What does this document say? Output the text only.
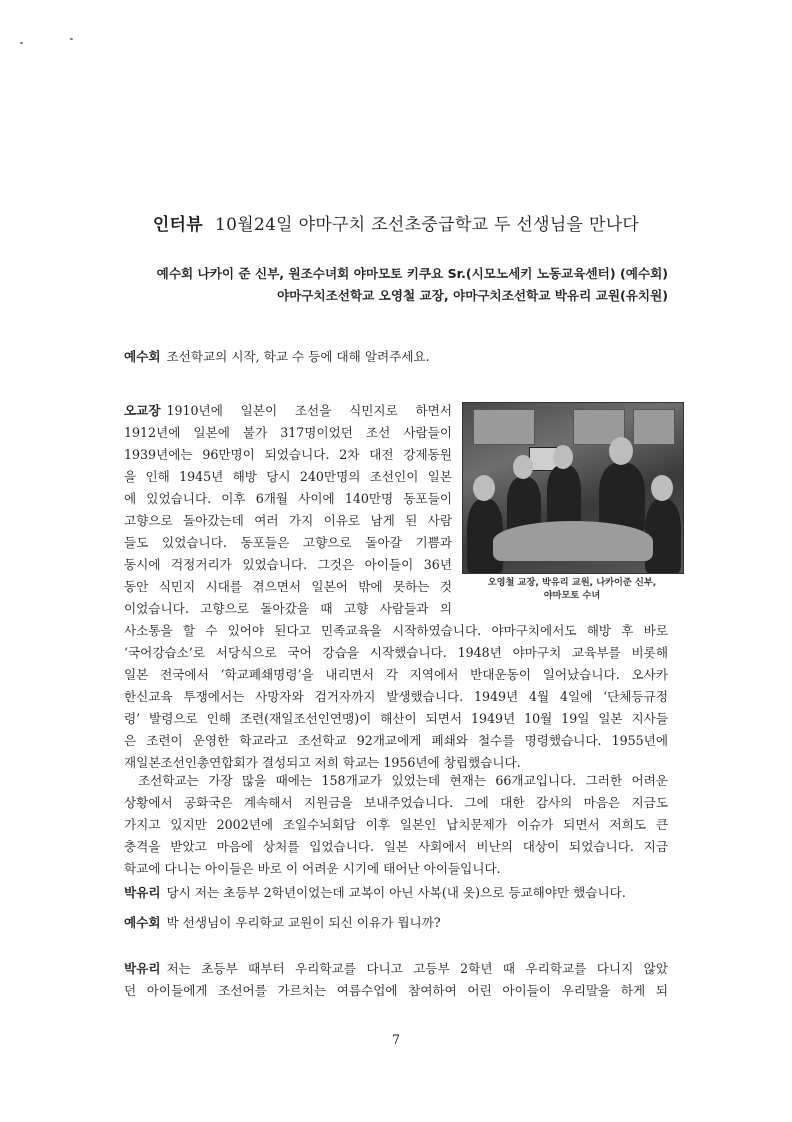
인터뷰 10월24일 야마구치 조선초중급학교 두 선생님을 만나다
예수회 나카이 준 신부, 원조수녀회 야마모토 키쿠요 Sr.(시모노세키 노동교육센터) (예수회)
야마구치조선학교 오영철 교장, 야마구치조선학교 박유리 교원(유치원)
예수회 조선학교의 시작, 학교 수 등에 대해 알려주세요.
오교장 1910년에 일본이 조선을 식민지로 하면서
1912년에 일본에 불가 317명이었던 조선 사람들이
1939년에는 96만명이 되었습니다. 2차 대전 강제동원
을 인해 1945년 해방 당시 240만명의 조선인이 일본
에 있었습니다. 이후 6개월 사이에 140만명 동포들이
고향으로 돌아갔는데 여러 가지 이유로 남게 된 사람
들도 있었습니다. 동포들은 고향으로 돌아갈 기쁨과
동시에 걱정거리가 있었습니다. 그것은 아이들이 36년
동안 식민지 시대를 겪으면서 일본어 밖에 못하는 것
이었습니다. 고향으로 돌아갔을 때 고향 사람들과 의
오영철 교장, 박유리 교원, 나카이준 신부,
야마모토 수녀
사소통을 할 수 있어야 된다고 민족교육을 시작하였습니다. 야마구치에서도 해방 후 바로
‘국어강습소’로 서당식으로 국어 강습을 시작했습니다. 1948년 야마구치 교육부를 비롯해
일본 전국에서 ‘학교폐쇄명령’을 내리면서 각 지역에서 반대운동이 일어났습니다. 오사카
한신교육 투쟁에서는 사망자와 검거자까지 발생했습니다. 1949년 4월 4일에 ‘단체등규정
령’ 발령으로 인해 조련(재일조선인연맹)이 해산이 되면서 1949년 10월 19일 일본 지사들
은 조련이 운영한 학교라고 조선학교 92개교에게 폐쇄와 철수를 명령했습니다. 1955년에
재일본조선인총연합회가 결성되고 저희 학교는 1956년에 창립했습니다.
조선학교는 가장 많을 때에는 158개교가 있었는데 현재는 66개교입니다. 그러한 어려운
상황에서 공화국은 계속해서 지원금을 보내주었습니다. 그에 대한 감사의 마음은 지금도
가지고 있지만 2002년에 조일수뇌회담 이후 일본인 납치문제가 이슈가 되면서 저희도 큰
충격을 받았고 마음에 상처를 입었습니다. 일본 사회에서 비난의 대상이 되었습니다. 지금
학교에 다니는 아이들은 바로 이 어려운 시기에 태어난 아이들입니다.
박유리 당시 저는 초등부 2학년이었는데 교복이 아닌 사복(내 옷)으로 등교해야만 했습니다.
예수회 박 선생님이 우리학교 교원이 되신 이유가 뭡니까?
박유리 저는 초등부 때부터 우리학교를 다니고 고등부 2학년 때 우리학교를 다니지 않았
던 아이들에게 조선어를 가르치는 여름수업에 참여하여 어린 아이들이 우리말을 하게 되
7
